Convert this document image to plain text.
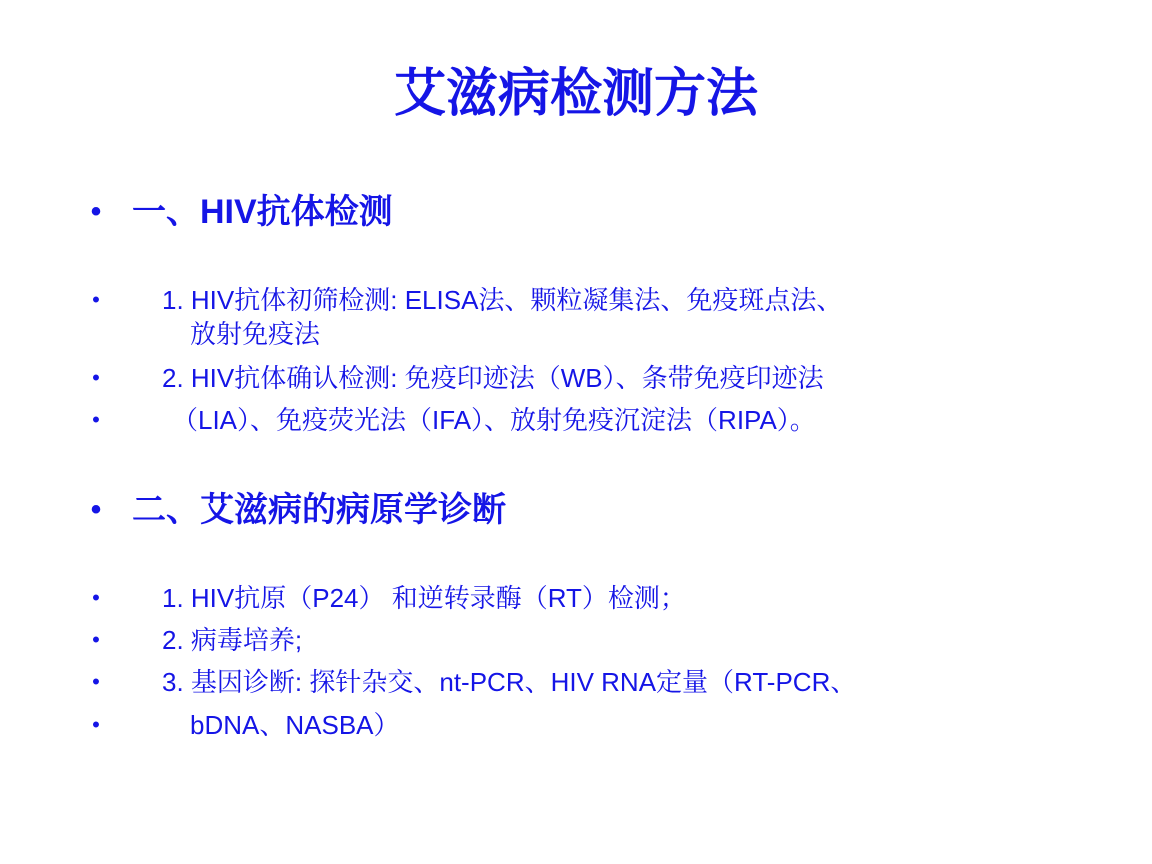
艾滋病检测方法
• 一、HIV抗体检测
• 1. HIV抗体初筛检测: ELISA法、颗粒凝集法、免疫斑点法、
放射免疫法
• 2. HIV抗体确认检测: 免疫印迹法（WB）、条带免疫印迹法
•	（LIA）、免疫荧光法（IFA）、放射免疫沉淀法（RIPA）。
• 二、艾滋病的病原学诊断
• 1. HIV抗原（P24） 和逆转录酶（RT）检测；
• 2. 病毒培养;
• 3. 基因诊断: 探针杂交、nt-PCR、HIV RNA定量（RT-PCR、
•	bDNA、NASBA）
